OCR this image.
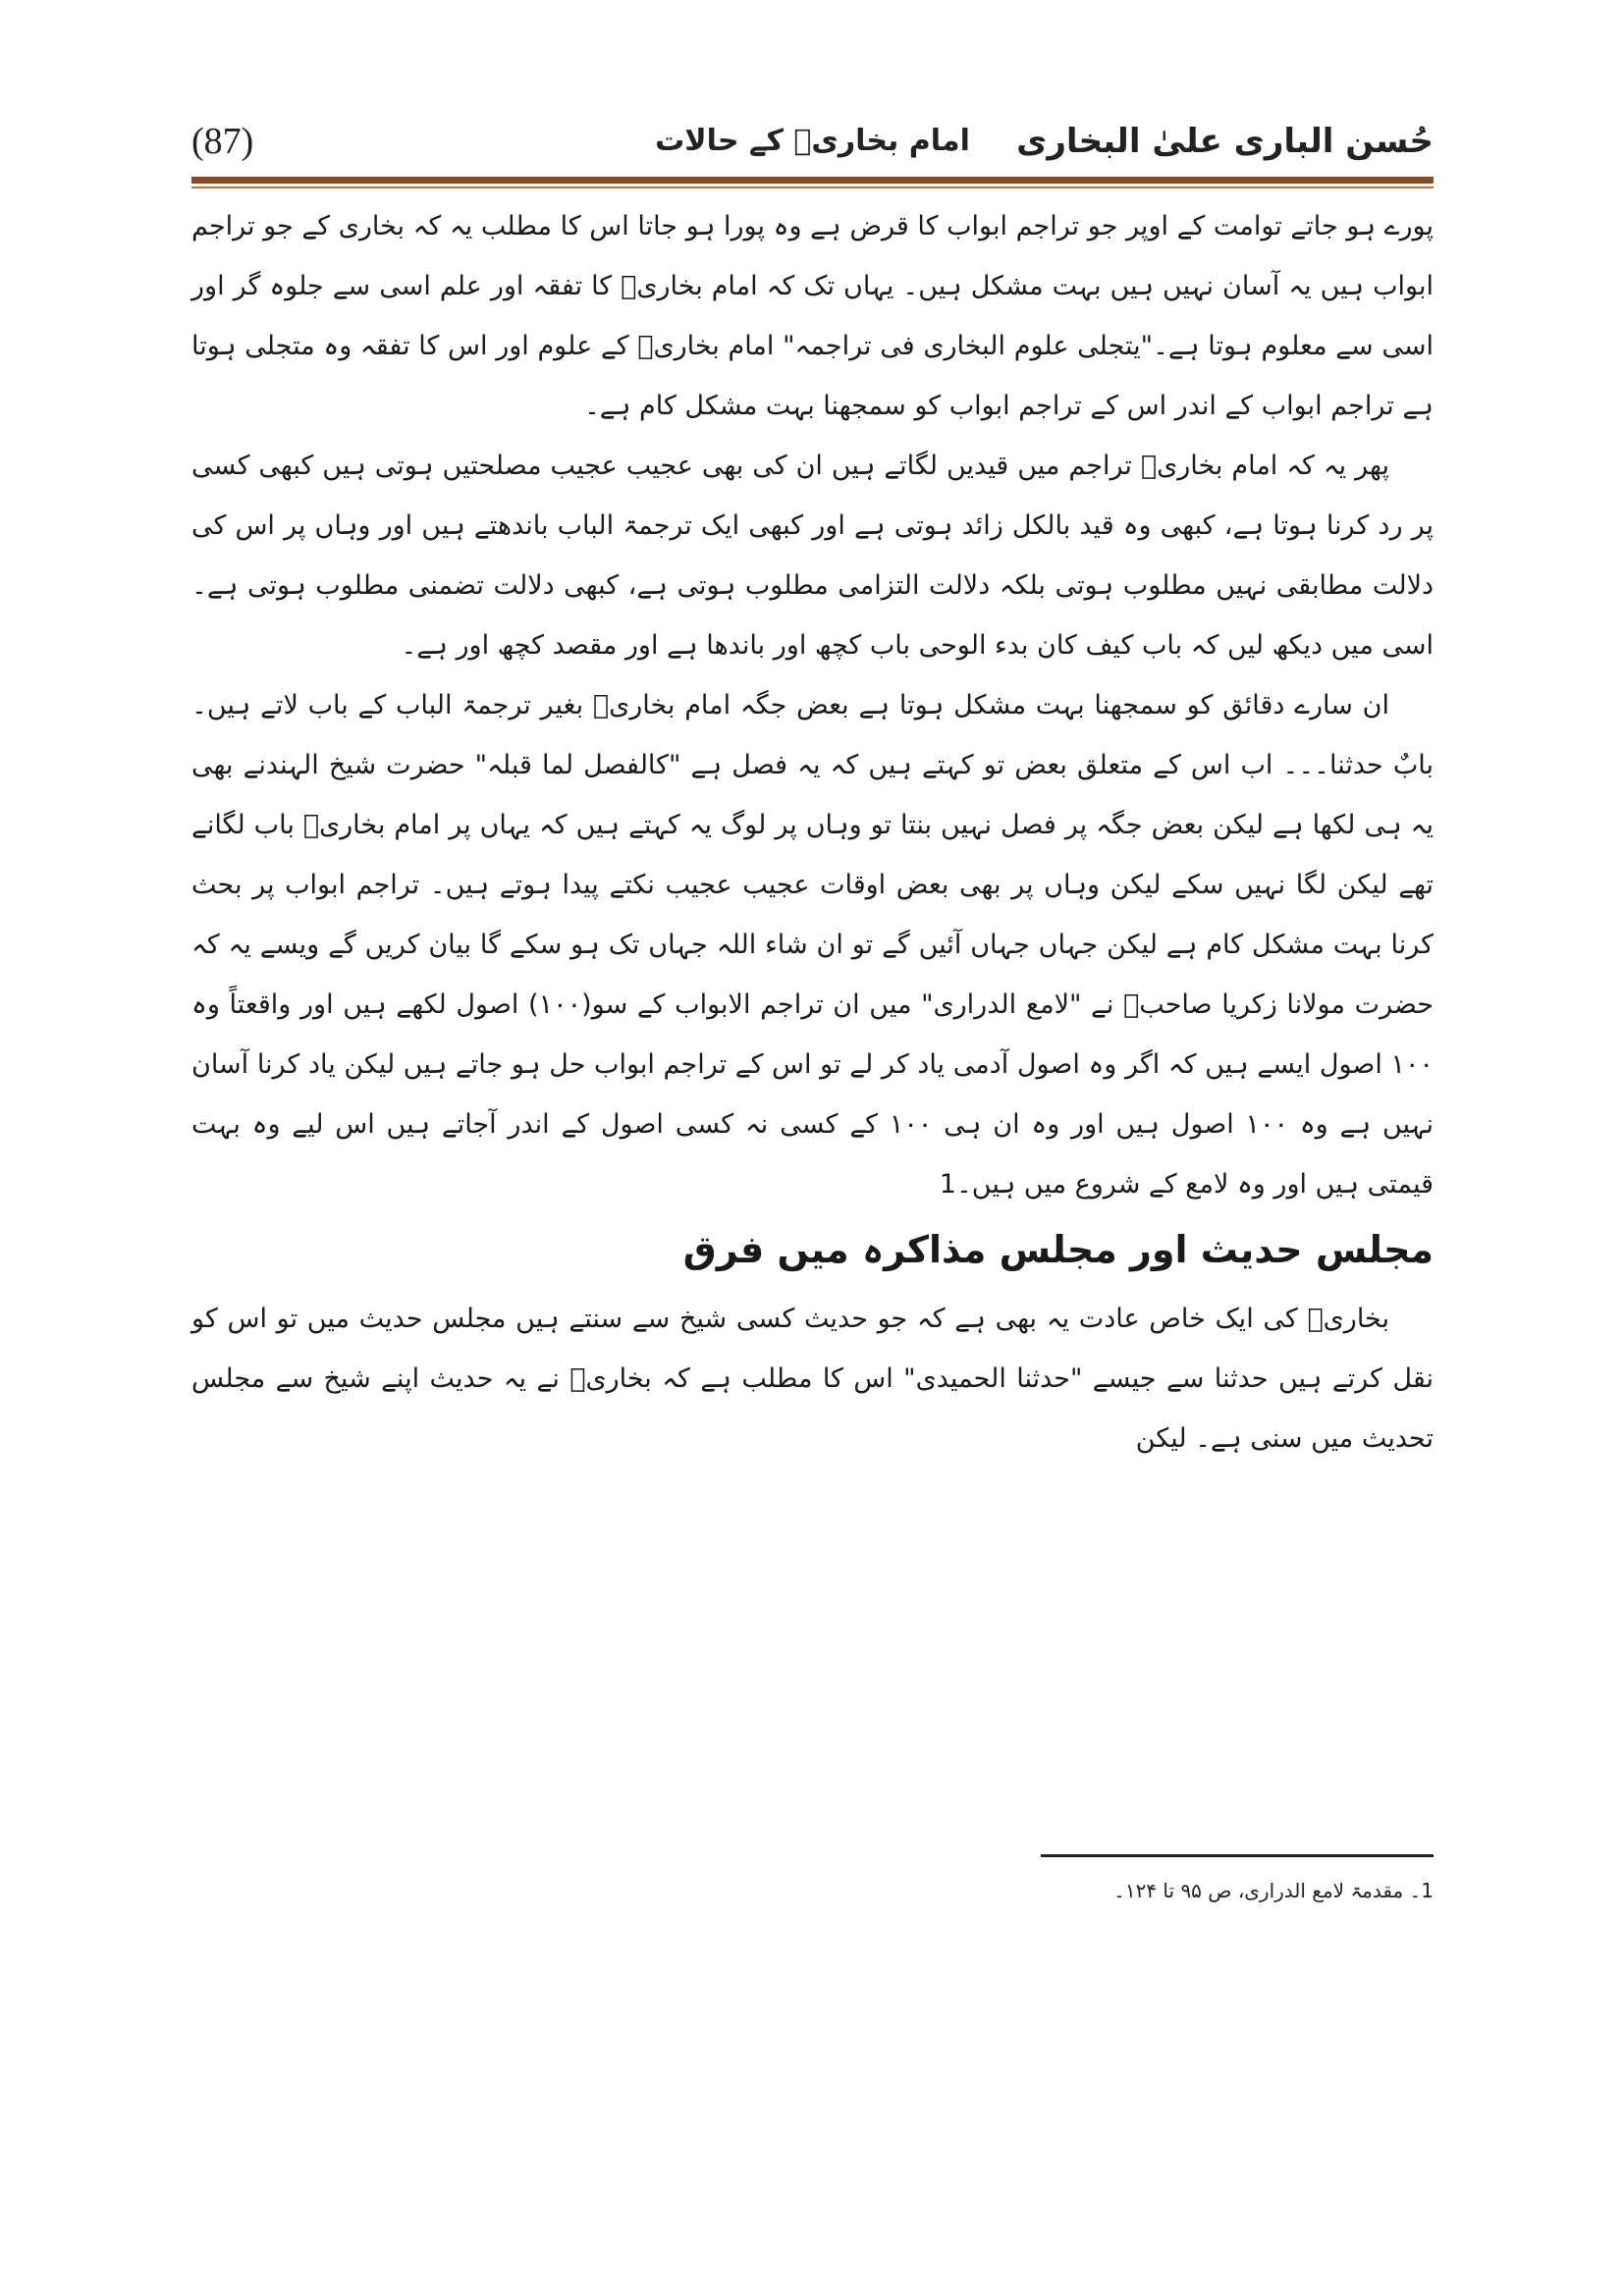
حُسن الباری علیٰ البخاری
امام بخاریؒ کے حالات
(87)

پورے ہو جاتے توامت کے اوپر جو تراجم ابواب کا قرض ہے وہ پورا ہو جاتا اس کا مطلب یہ کہ بخاری کے جو تراجم ابواب ہیں یہ آسان نہیں ہیں بہت مشکل ہیں۔ یہاں تک کہ امام بخاریؒ کا تفقہ اور علم اسی سے جلوہ گر اور اسی سے معلوم ہوتا ہے۔"یتجلی علوم البخاری فی تراجمہ" امام بخاریؒ کے علوم اور اس کا تفقہ وہ متجلی ہوتا ہے تراجم ابواب کے اندر اس کے تراجم ابواب کو سمجھنا بہت مشکل کام ہے۔

پھر یہ کہ امام بخاریؒ تراجم میں قیدیں لگاتے ہیں ان کی بھی عجیب عجیب مصلحتیں ہوتی ہیں کبھی کسی پر رد کرنا ہوتا ہے، کبھی وہ قید بالکل زائد ہوتی ہے اور کبھی ایک ترجمۃ الباب باندھتے ہیں اور وہاں پر اس کی دلالت مطابقی نہیں مطلوب ہوتی بلکہ دلالت التزامی مطلوب ہوتی ہے، کبھی دلالت تضمنی مطلوب ہوتی ہے۔ اسی میں دیکھ لیں کہ باب کیف کان بدء الوحی باب کچھ اور باندھا ہے اور مقصد کچھ اور ہے۔

ان سارے دقائق کو سمجھنا بہت مشکل ہوتا ہے بعض جگہ امام بخاریؒ بغیر ترجمۃ الباب کے باب لاتے ہیں۔ بابٌ حدثنا۔۔۔ اب اس کے متعلق بعض تو کہتے ہیں کہ یہ فصل ہے "کالفصل لما قبلہ" حضرت شیخ الہندنے بھی یہ ہی لکھا ہے لیکن بعض جگہ پر فصل نہیں بنتا تو وہاں پر لوگ یہ کہتے ہیں کہ یہاں پر امام بخاریؒ باب لگانے تھے لیکن لگا نہیں سکے لیکن وہاں پر بھی بعض اوقات عجیب عجیب نکتے پیدا ہوتے ہیں۔ تراجم ابواب پر بحث کرنا بہت مشکل کام ہے لیکن جہاں جہاں آئیں گے تو ان شاء اللہ جہاں تک ہو سکے گا بیان کریں گے ویسے یہ کہ حضرت مولانا زکریا صاحبؒ نے "لامع الدراری" میں ان تراجم الابواب کے سو(۱۰۰) اصول لکھے ہیں اور واقعتاً وہ ۱۰۰ اصول ایسے ہیں کہ اگر وہ اصول آدمی یاد کر لے تو اس کے تراجم ابواب حل ہو جاتے ہیں لیکن یاد کرنا آسان نہیں ہے وہ ۱۰۰ اصول ہیں اور وہ ان ہی ۱۰۰ کے کسی نہ کسی اصول کے اندر آجاتے ہیں اس لیے وہ بہت قیمتی ہیں اور وہ لامع کے شروع میں ہیں۔1

مجلس حدیث اور مجلس مذاکرہ میں فرق

بخاریؒ کی ایک خاص عادت یہ بھی ہے کہ جو حدیث کسی شیخ سے سنتے ہیں مجلس حدیث میں تو اس کو نقل کرتے ہیں حدثنا سے جیسے "حدثنا الحمیدی" اس کا مطلب ہے کہ بخاریؒ نے یہ حدیث اپنے شیخ سے مجلس تحدیث میں سنی ہے۔ لیکن

1۔ مقدمۃ لامع الدراری، ص ۹۵ تا ۱۲۴۔
